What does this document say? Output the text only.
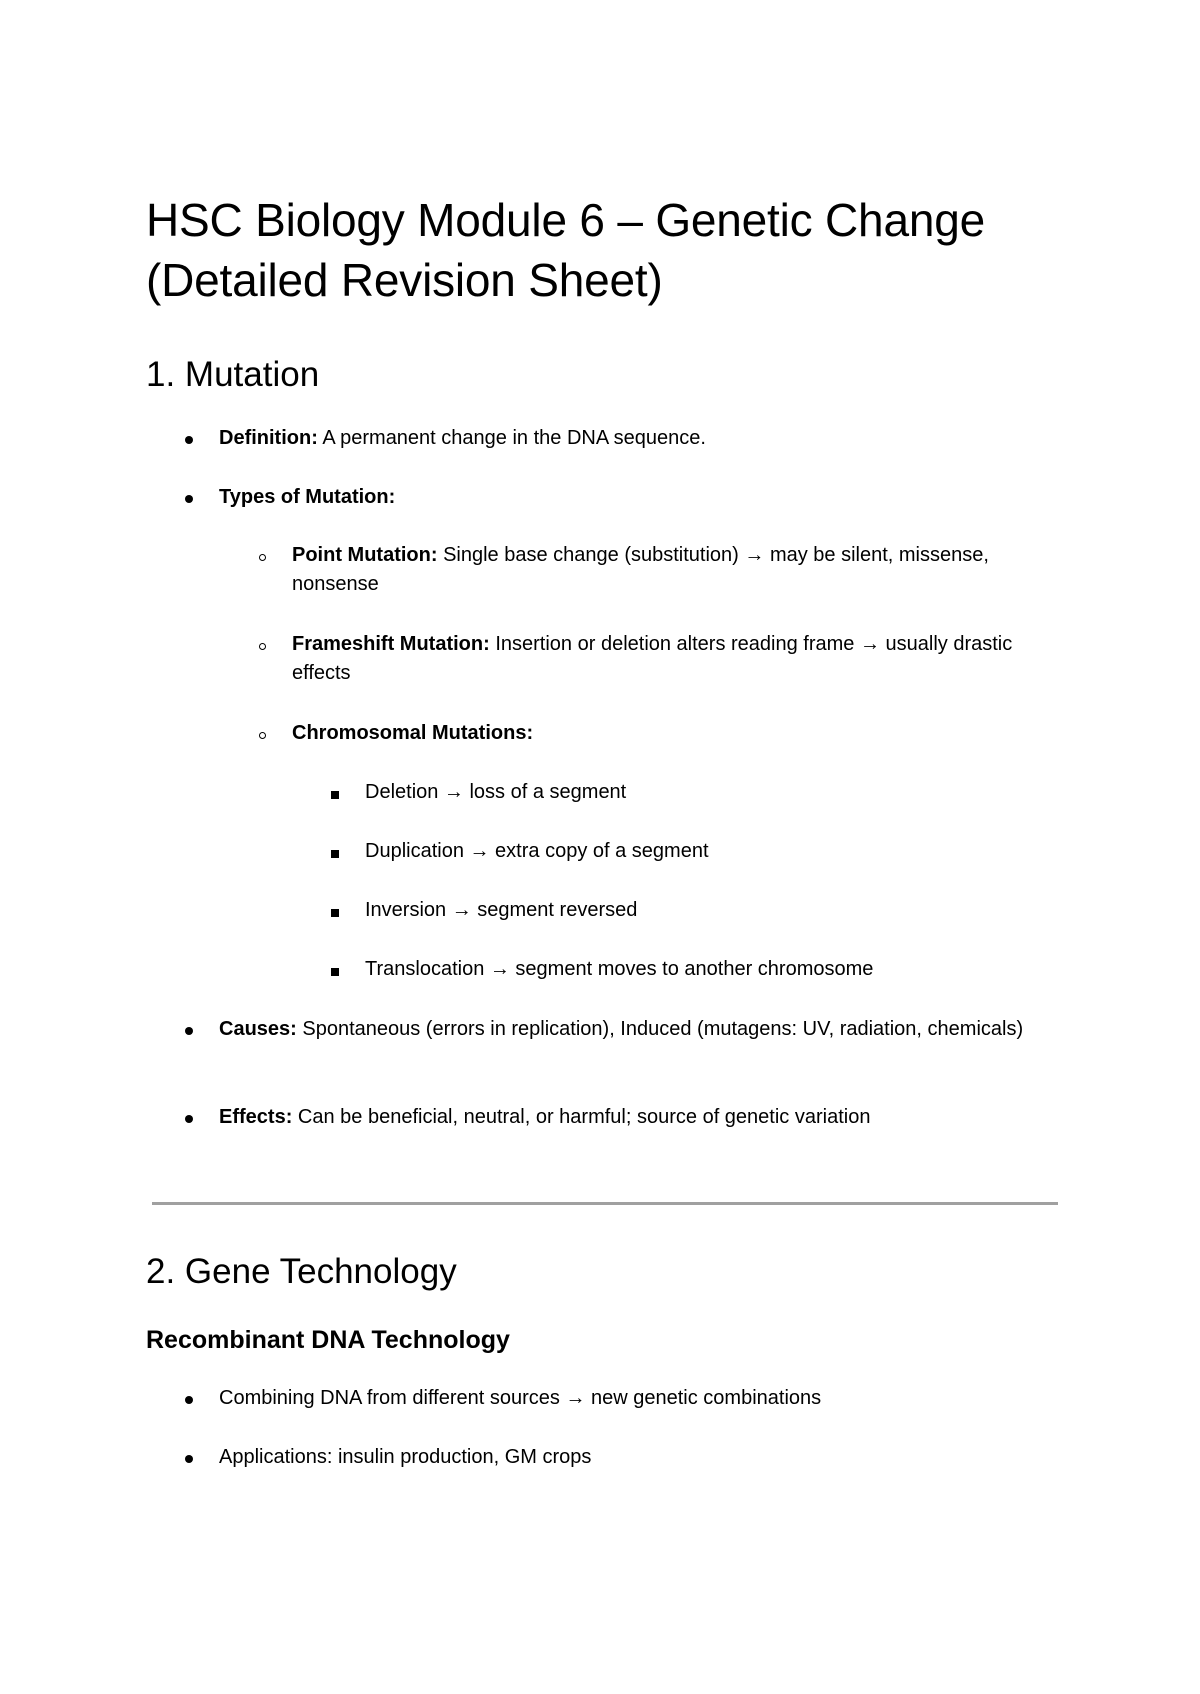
HSC Biology Module 6 – Genetic Change (Detailed Revision Sheet)
1. Mutation
Definition: A permanent change in the DNA sequence.
Types of Mutation:
Point Mutation: Single base change (substitution) → may be silent, missense, nonsense
Frameshift Mutation: Insertion or deletion alters reading frame → usually drastic effects
Chromosomal Mutations:
Deletion → loss of a segment
Duplication → extra copy of a segment
Inversion → segment reversed
Translocation → segment moves to another chromosome
Causes: Spontaneous (errors in replication), Induced (mutagens: UV, radiation, chemicals)
Effects: Can be beneficial, neutral, or harmful; source of genetic variation
2. Gene Technology
Recombinant DNA Technology
Combining DNA from different sources → new genetic combinations
Applications: insulin production, GM crops
